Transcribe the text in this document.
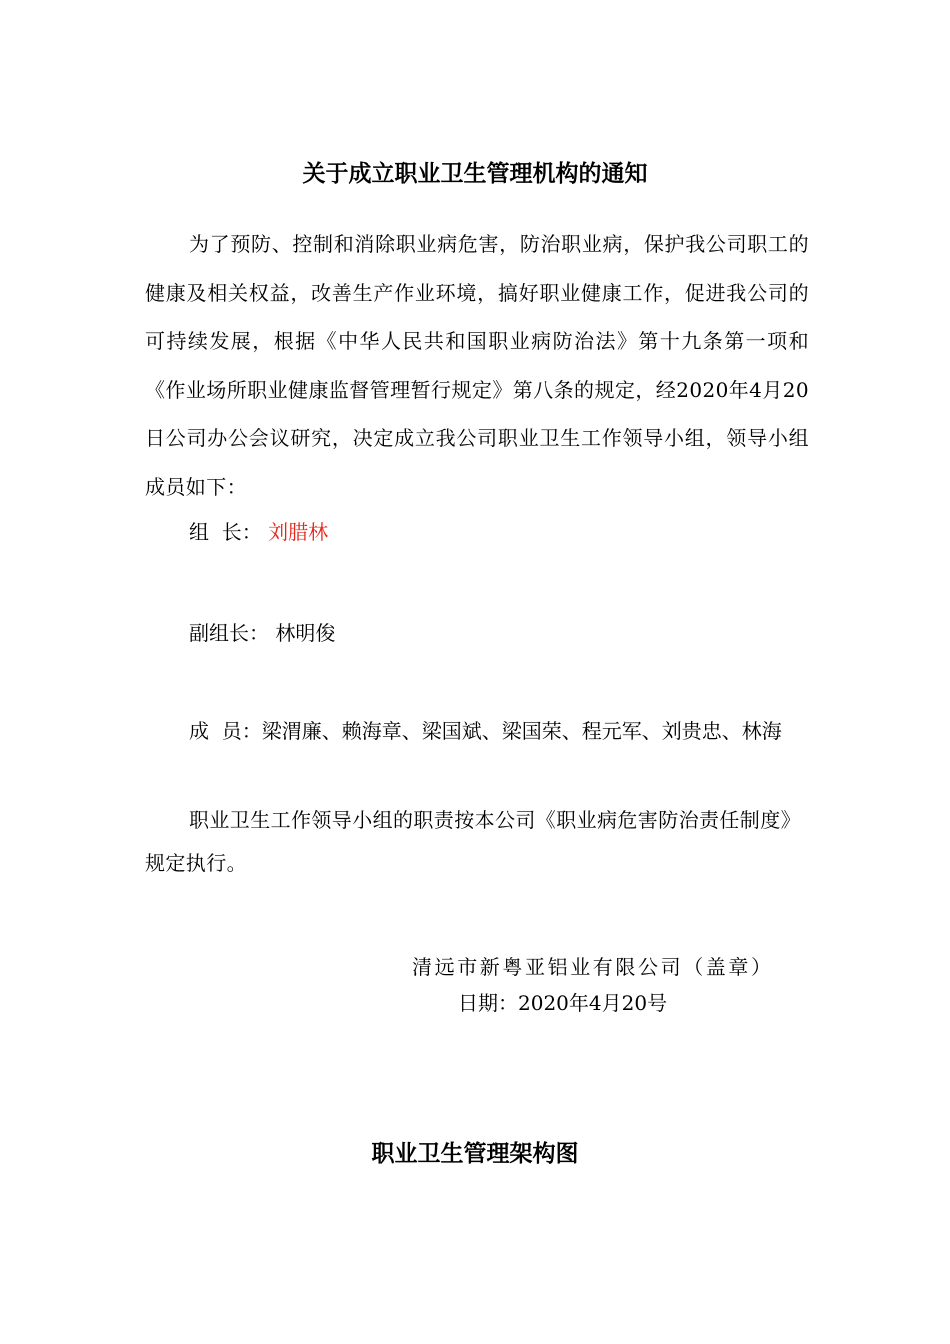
关于成立职业卫生管理机构的通知

为了预防、控制和消除职业病危害，防治职业病，保护我公司职工的健康及相关权益，改善生产作业环境，搞好职业健康工作，促进我公司的可持续发展，根据《中华人民共和国职业病防治法》第十九条第一项和《作业场所职业健康监督管理暂行规定》第八条的规定，经2020年4月20日公司办公会议研究，决定成立我公司职业卫生工作领导小组，领导小组成员如下：

组  长： 刘腊林
副组长： 林明俊
成  员：梁渭廉、赖海章、梁国斌、梁国荣、程元军、刘贵忠、林海

职业卫生工作领导小组的职责按本公司《职业病危害防治责任制度》规定执行。

清远市新粤亚铝业有限公司（盖章）
日期：2020年4月20号
职业卫生管理架构图
